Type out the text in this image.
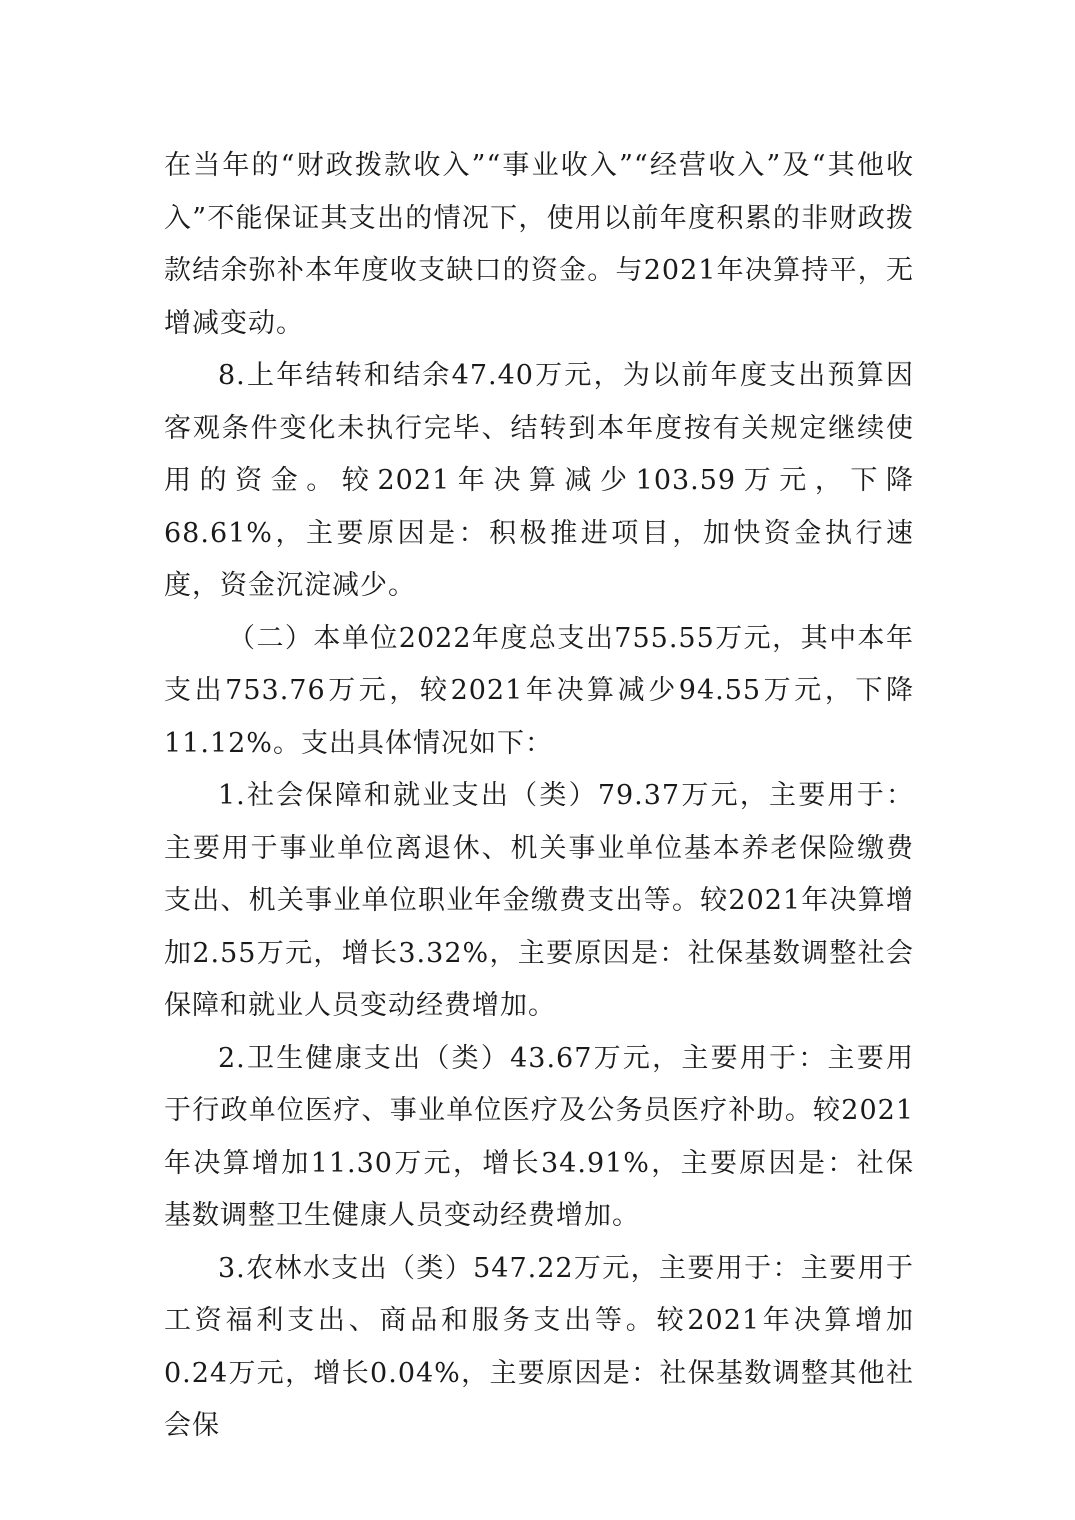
在当年的“财政拨款收入”“事业收入”“经营收入”及“其他收入”不能保证其支出的情况下，使用以前年度积累的非财政拨款结余弥补本年度收支缺口的资金。与2021年决算持平，无增减变动。

8.上年结转和结余47.40万元，为以前年度支出预算因客观条件变化未执行完毕、结转到本年度按有关规定继续使用的资金。较2021年决算减少103.59万元，下降68.61%，主要原因是：积极推进项目，加快资金执行速度，资金沉淀减少。

（二）本单位2022年度总支出755.55万元，其中本年支出753.76万元，较2021年决算减少94.55万元，下降11.12%。支出具体情况如下：

1.社会保障和就业支出（类）79.37万元，主要用于：主要用于事业单位离退休、机关事业单位基本养老保险缴费支出、机关事业单位职业年金缴费支出等。较2021年决算增加2.55万元，增长3.32%，主要原因是：社保基数调整社会保障和就业人员变动经费增加。

2.卫生健康支出（类）43.67万元，主要用于：主要用于行政单位医疗、事业单位医疗及公务员医疗补助。较2021年决算增加11.30万元，增长34.91%，主要原因是：社保基数调整卫生健康人员变动经费增加。

3.农林水支出（类）547.22万元，主要用于：主要用于工资福利支出、商品和服务支出等。较2021年决算增加0.24万元，增长0.04%，主要原因是：社保基数调整其他社会保
